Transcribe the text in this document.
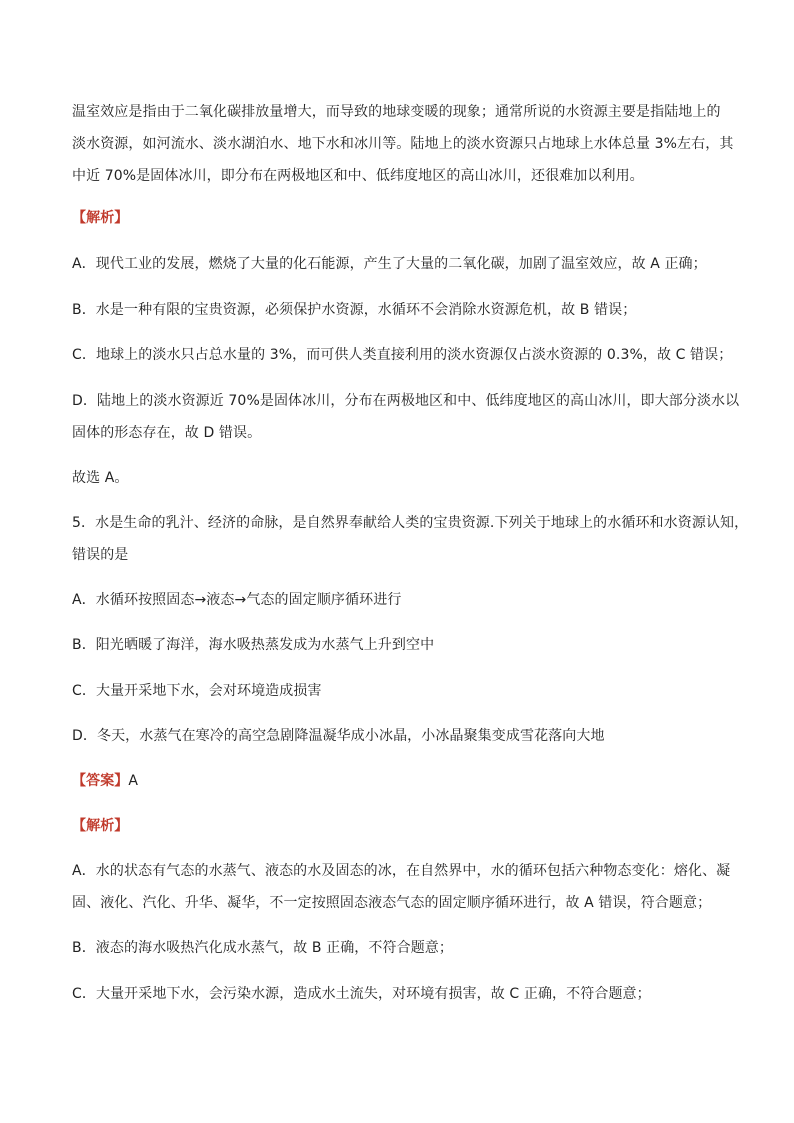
温室效应是指由于二氧化碳排放量增大，而导致的地球变暖的现象；通常所说的水资源主要是指陆地上的
淡水资源，如河流水、淡水湖泊水、地下水和冰川等。陆地上的淡水资源只占地球上水体总量 3%左右，其
中近 70%是固体冰川，即分布在两极地区和中、低纬度地区的高山冰川，还很难加以利用。
【解析】
A．现代工业的发展，燃烧了大量的化石能源，产生了大量的二氧化碳，加剧了温室效应，故 A 正确；
B．水是一种有限的宝贵资源，必须保护水资源，水循环不会消除水资源危机，故 B 错误；
C．地球上的淡水只占总水量的 3%，而可供人类直接利用的淡水资源仅占淡水资源的 0.3%，故 C 错误；
D．陆地上的淡水资源近 70%是固体冰川，分布在两极地区和中、低纬度地区的高山冰川，即大部分淡水以
固体的形态存在，故 D 错误。
故选 A。
5．水是生命的乳汁、经济的命脉，是自然界奉献给人类的宝贵资源.下列关于地球上的水循环和水资源认知，
错误的是
A．水循环按照固态→液态→气态的固定顺序循环进行
B．阳光晒暖了海洋，海水吸热蒸发成为水蒸气上升到空中
C．大量开采地下水，会对环境造成损害
D．冬天，水蒸气在寒冷的高空急剧降温凝华成小冰晶，小冰晶聚集变成雪花落向大地
【答案】A
【解析】
A．水的状态有气态的水蒸气、液态的水及固态的冰，在自然界中，水的循环包括六种物态变化：熔化、凝
固、液化、汽化、升华、凝华，不一定按照固态液态气态的固定顺序循环进行，故 A 错误，符合题意；
B．液态的海水吸热汽化成水蒸气，故 B 正确，不符合题意；
C．大量开采地下水，会污染水源，造成水土流失，对环境有损害，故 C 正确，不符合题意；
